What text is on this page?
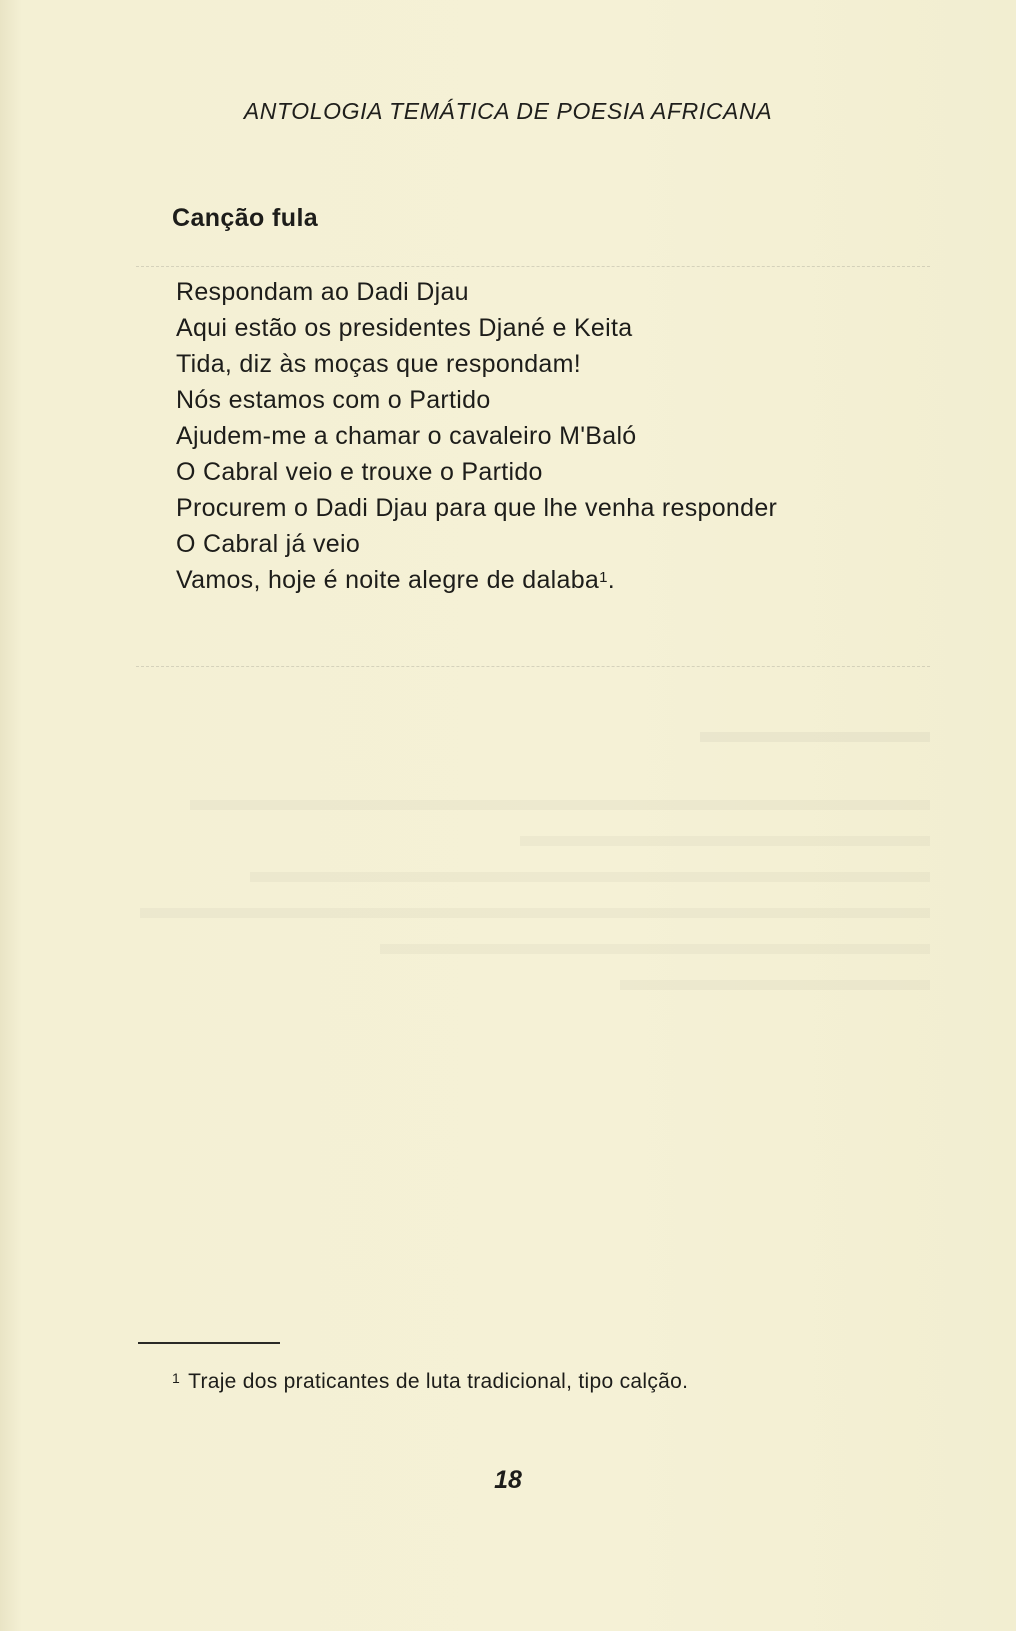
ANTOLOGIA TEMÁTICA DE POESIA AFRICANA
Canção fula
Respondam ao Dadi Djau
Aqui estão os presidentes Djané e Keita
Tida, diz às moças que respondam!
Nós estamos com o Partido
Ajudem-me a chamar o cavaleiro M'Baló
O Cabral veio e trouxe o Partido
Procurem o Dadi Djau para que lhe venha responder
O Cabral já veio
Vamos, hoje é noite alegre de dalaba$^1$.
$^1$ Traje dos praticantes de luta tradicional, tipo calção.
18
